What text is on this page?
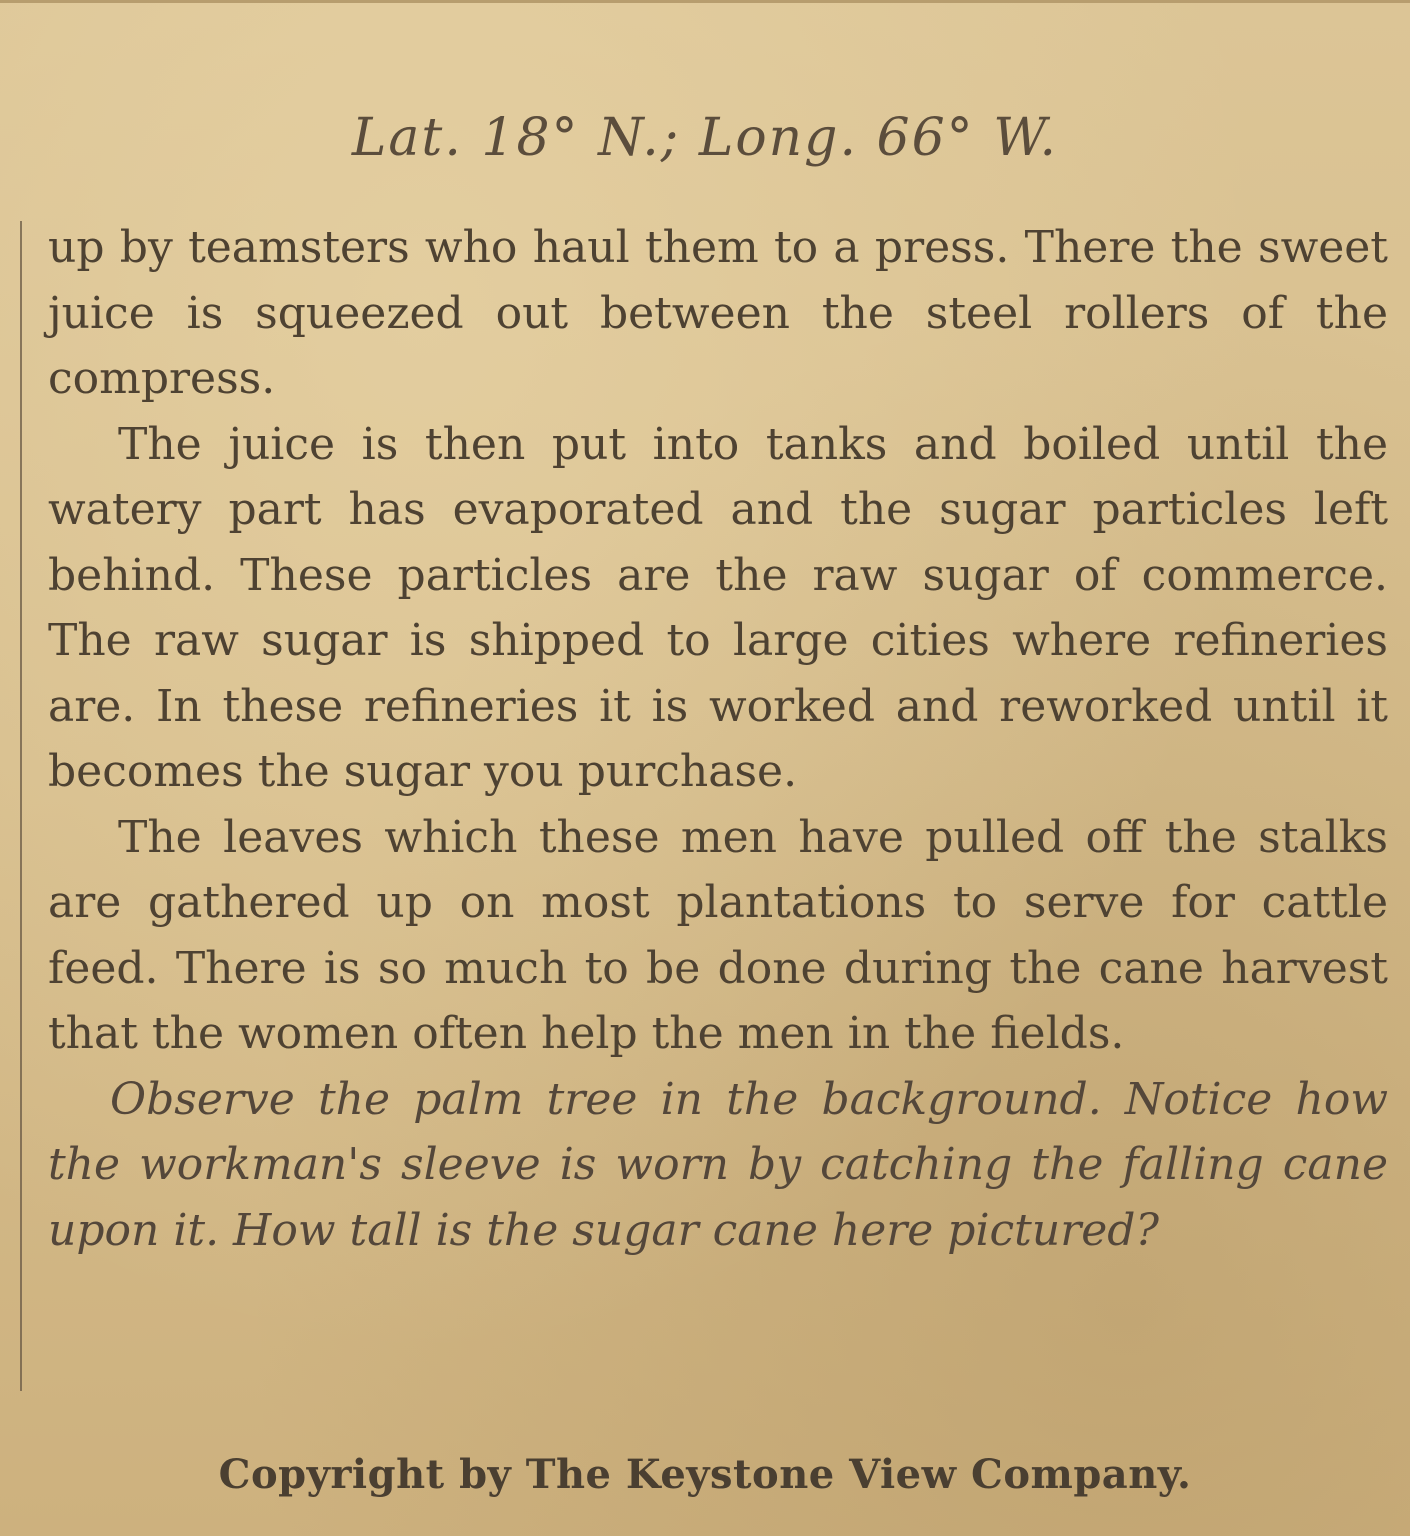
Lat. 18° N.; Long. 66° W.

up by teamsters who haul them to a press. There the sweet juice is squeezed out between the steel rollers of the compress.

The juice is then put into tanks and boiled until the watery part has evaporated and the sugar particles left behind. These particles are the raw sugar of commerce. The raw sugar is shipped to large cities where refineries are. In these refineries it is worked and reworked until it becomes the sugar you purchase.

The leaves which these men have pulled off the stalks are gathered up on most plantations to serve for cattle feed. There is so much to be done during the cane harvest that the women often help the men in the fields.

Observe the palm tree in the background. Notice how the workman's sleeve is worn by catching the falling cane upon it. How tall is the sugar cane here pictured?

Copyright by The Keystone View Company.
